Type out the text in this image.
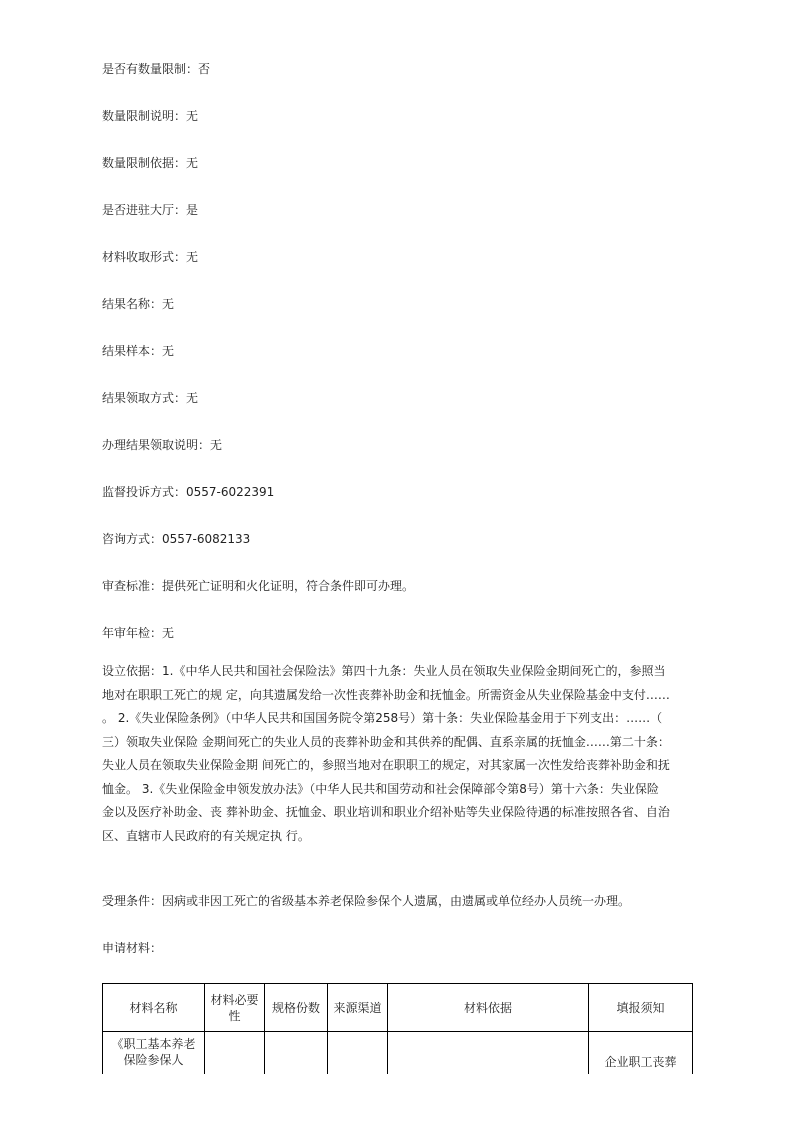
是否有数量限制：否

数量限制说明：无

数量限制依据：无

是否进驻大厅：是

材料收取形式：无

结果名称：无

结果样本：无

结果领取方式：无

办理结果领取说明：无

监督投诉方式：0557-6022391

咨询方式：0557-6082133

审查标准：提供死亡证明和火化证明，符合条件即可办理。

年审年检：无

设立依据：1.《中华人民共和国社会保险法》第四十九条：失业人员在领取失业保险金期间死亡的，参照当
地对在职职工死亡的规 定，向其遗属发给一次性丧葬补助金和抚恤金。所需资金从失业保险基金中支付……
。 2.《失业保险条例》（中华人民共和国国务院令第258号）第十条：失业保险基金用于下列支出：……（
三）领取失业保险 金期间死亡的失业人员的丧葬补助金和其供养的配偶、直系亲属的抚恤金……第二十条：
失业人员在领取失业保险金期 间死亡的，参照当地对在职职工的规定，对其家属一次性发给丧葬补助金和抚
恤金。 3.《失业保险金申领发放办法》（中华人民共和国劳动和社会保障部令第8号）第十六条：失业保险
金以及医疗补助金、丧 葬补助金、抚恤金、职业培训和职业介绍补贴等失业保险待遇的标准按照各省、自治
区、直辖市人民政府的有关规定执 行。

受理条件：因病或非因工死亡的省级基本养老保险参保个人遗属，由遗属或单位经办人员统一办理。

申请材料：

材料名称	材料必要性	规格份数	来源渠道	材料依据	填报须知
《职工基本养老保险参保人					企业职工丧葬
